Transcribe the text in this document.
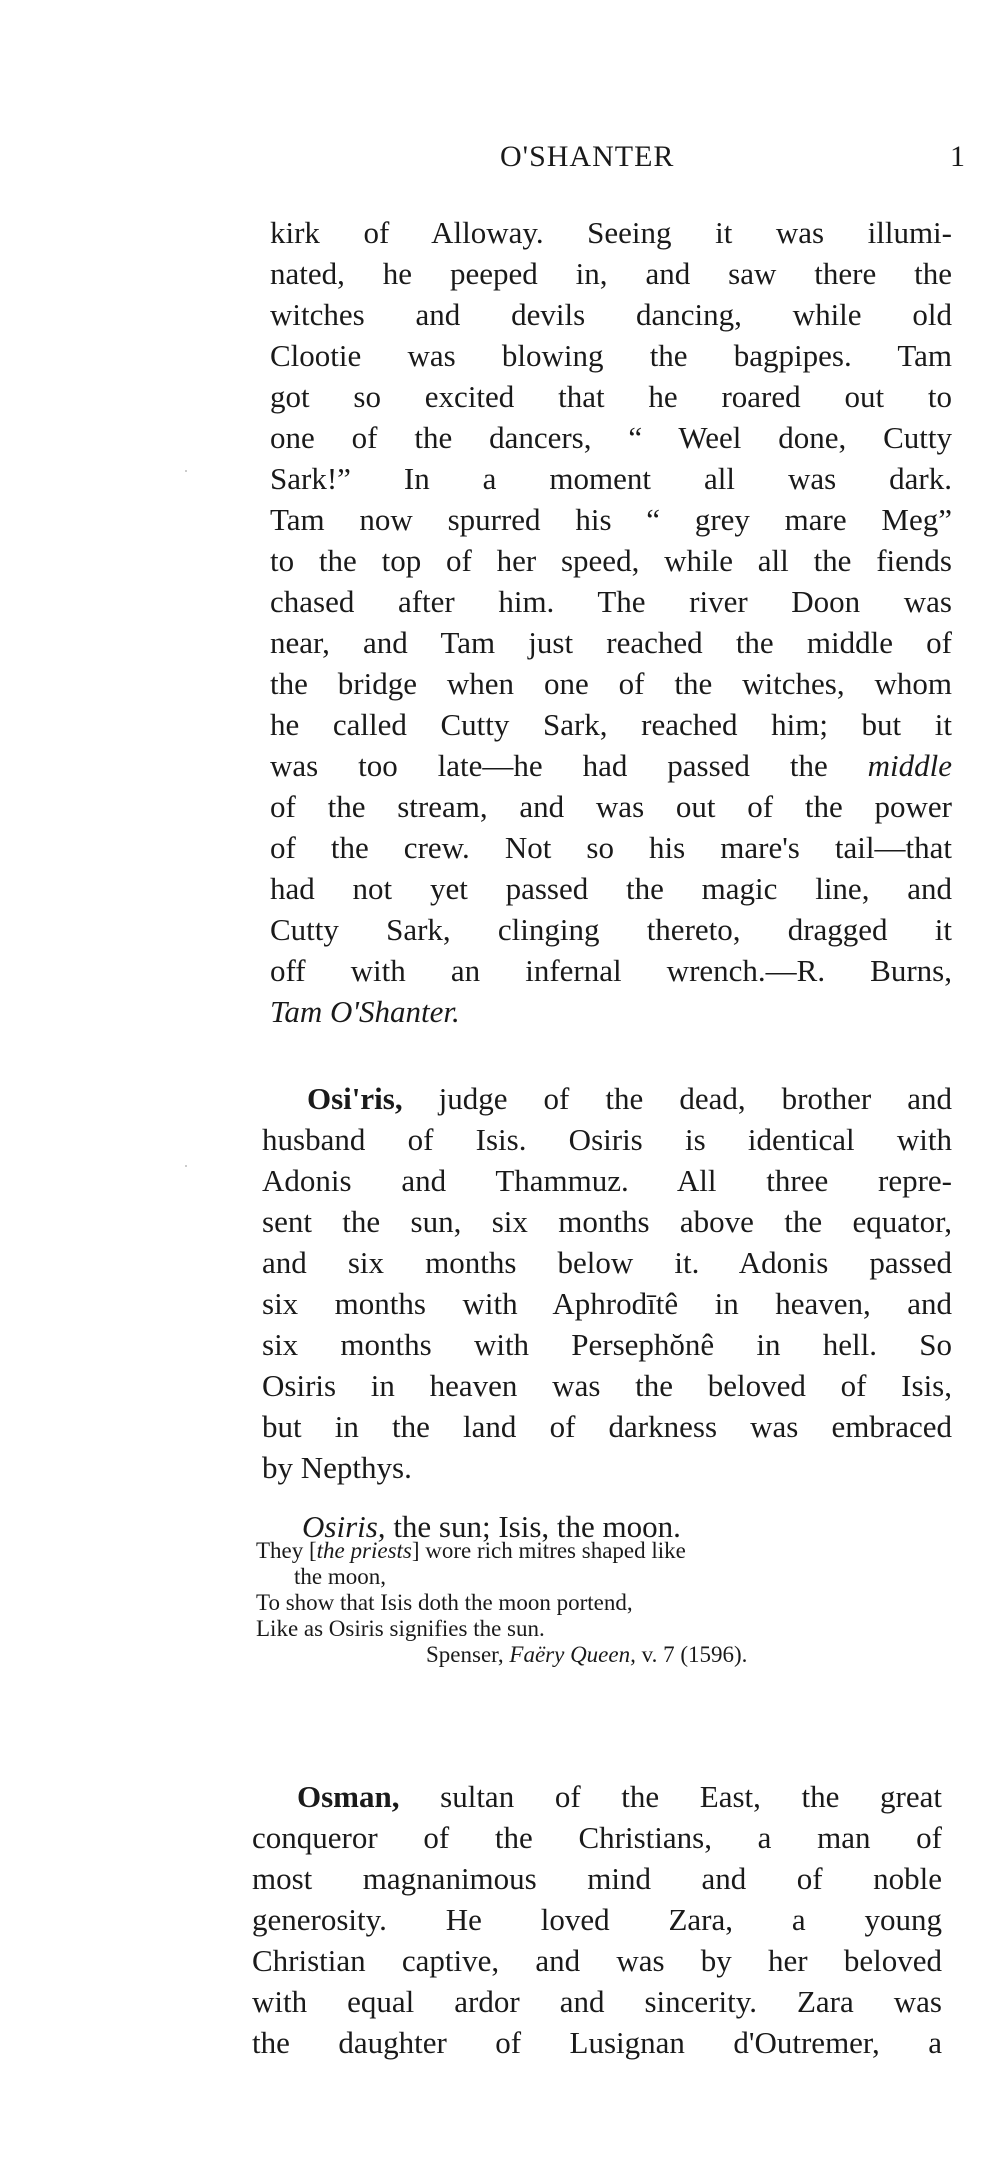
O'SHANTER	1
kirk of Alloway. Seeing it was illumi-
nated, he peeped in, and saw there the
witches and devils dancing, while old
Clootie was blowing the bagpipes. Tam
got so excited that he roared out to
one of the dancers, “ Weel done, Cutty
Sark!” In a moment all was dark.
Tam now spurred his “ grey mare Meg”
to the top of her speed, while all the fiends
chased after him. The river Doon was
near, and Tam just reached the middle of
the bridge when one of the witches, whom
he called Cutty Sark, reached him; but it
was too late—he had passed the middle
of the stream, and was out of the power
of the crew. Not so his mare's tail—that
had not yet passed the magic line, and
Cutty Sark, clinging thereto, dragged it
off with an infernal wrench.—R. Burns,
Tam O'Shanter.
Osi'ris, judge of the dead, brother and
husband of Isis. Osiris is identical with
Adonis and Thammuz. All three repre-
sent the sun, six months above the equator,
and six months below it. Adonis passed
six months with Aphrodītê in heaven, and
six months with Persephŏnê in hell. So
Osiris in heaven was the beloved of Isis,
but in the land of darkness was embraced
by Nepthys.
Osiris, the sun; Isis, the moon.
They [the priests] wore rich mitres shaped like
the moon,
To show that Isis doth the moon portend,
Like as Osiris signifies the sun.
Spenser, Faëry Queen, v. 7 (1596).
Osman, sultan of the East, the great
conqueror of the Christians, a man of
most magnanimous mind and of noble
generosity. He loved Zara, a young
Christian captive, and was by her beloved
with equal ardor and sincerity. Zara was
the daughter of Lusignan d'Outremer, a
